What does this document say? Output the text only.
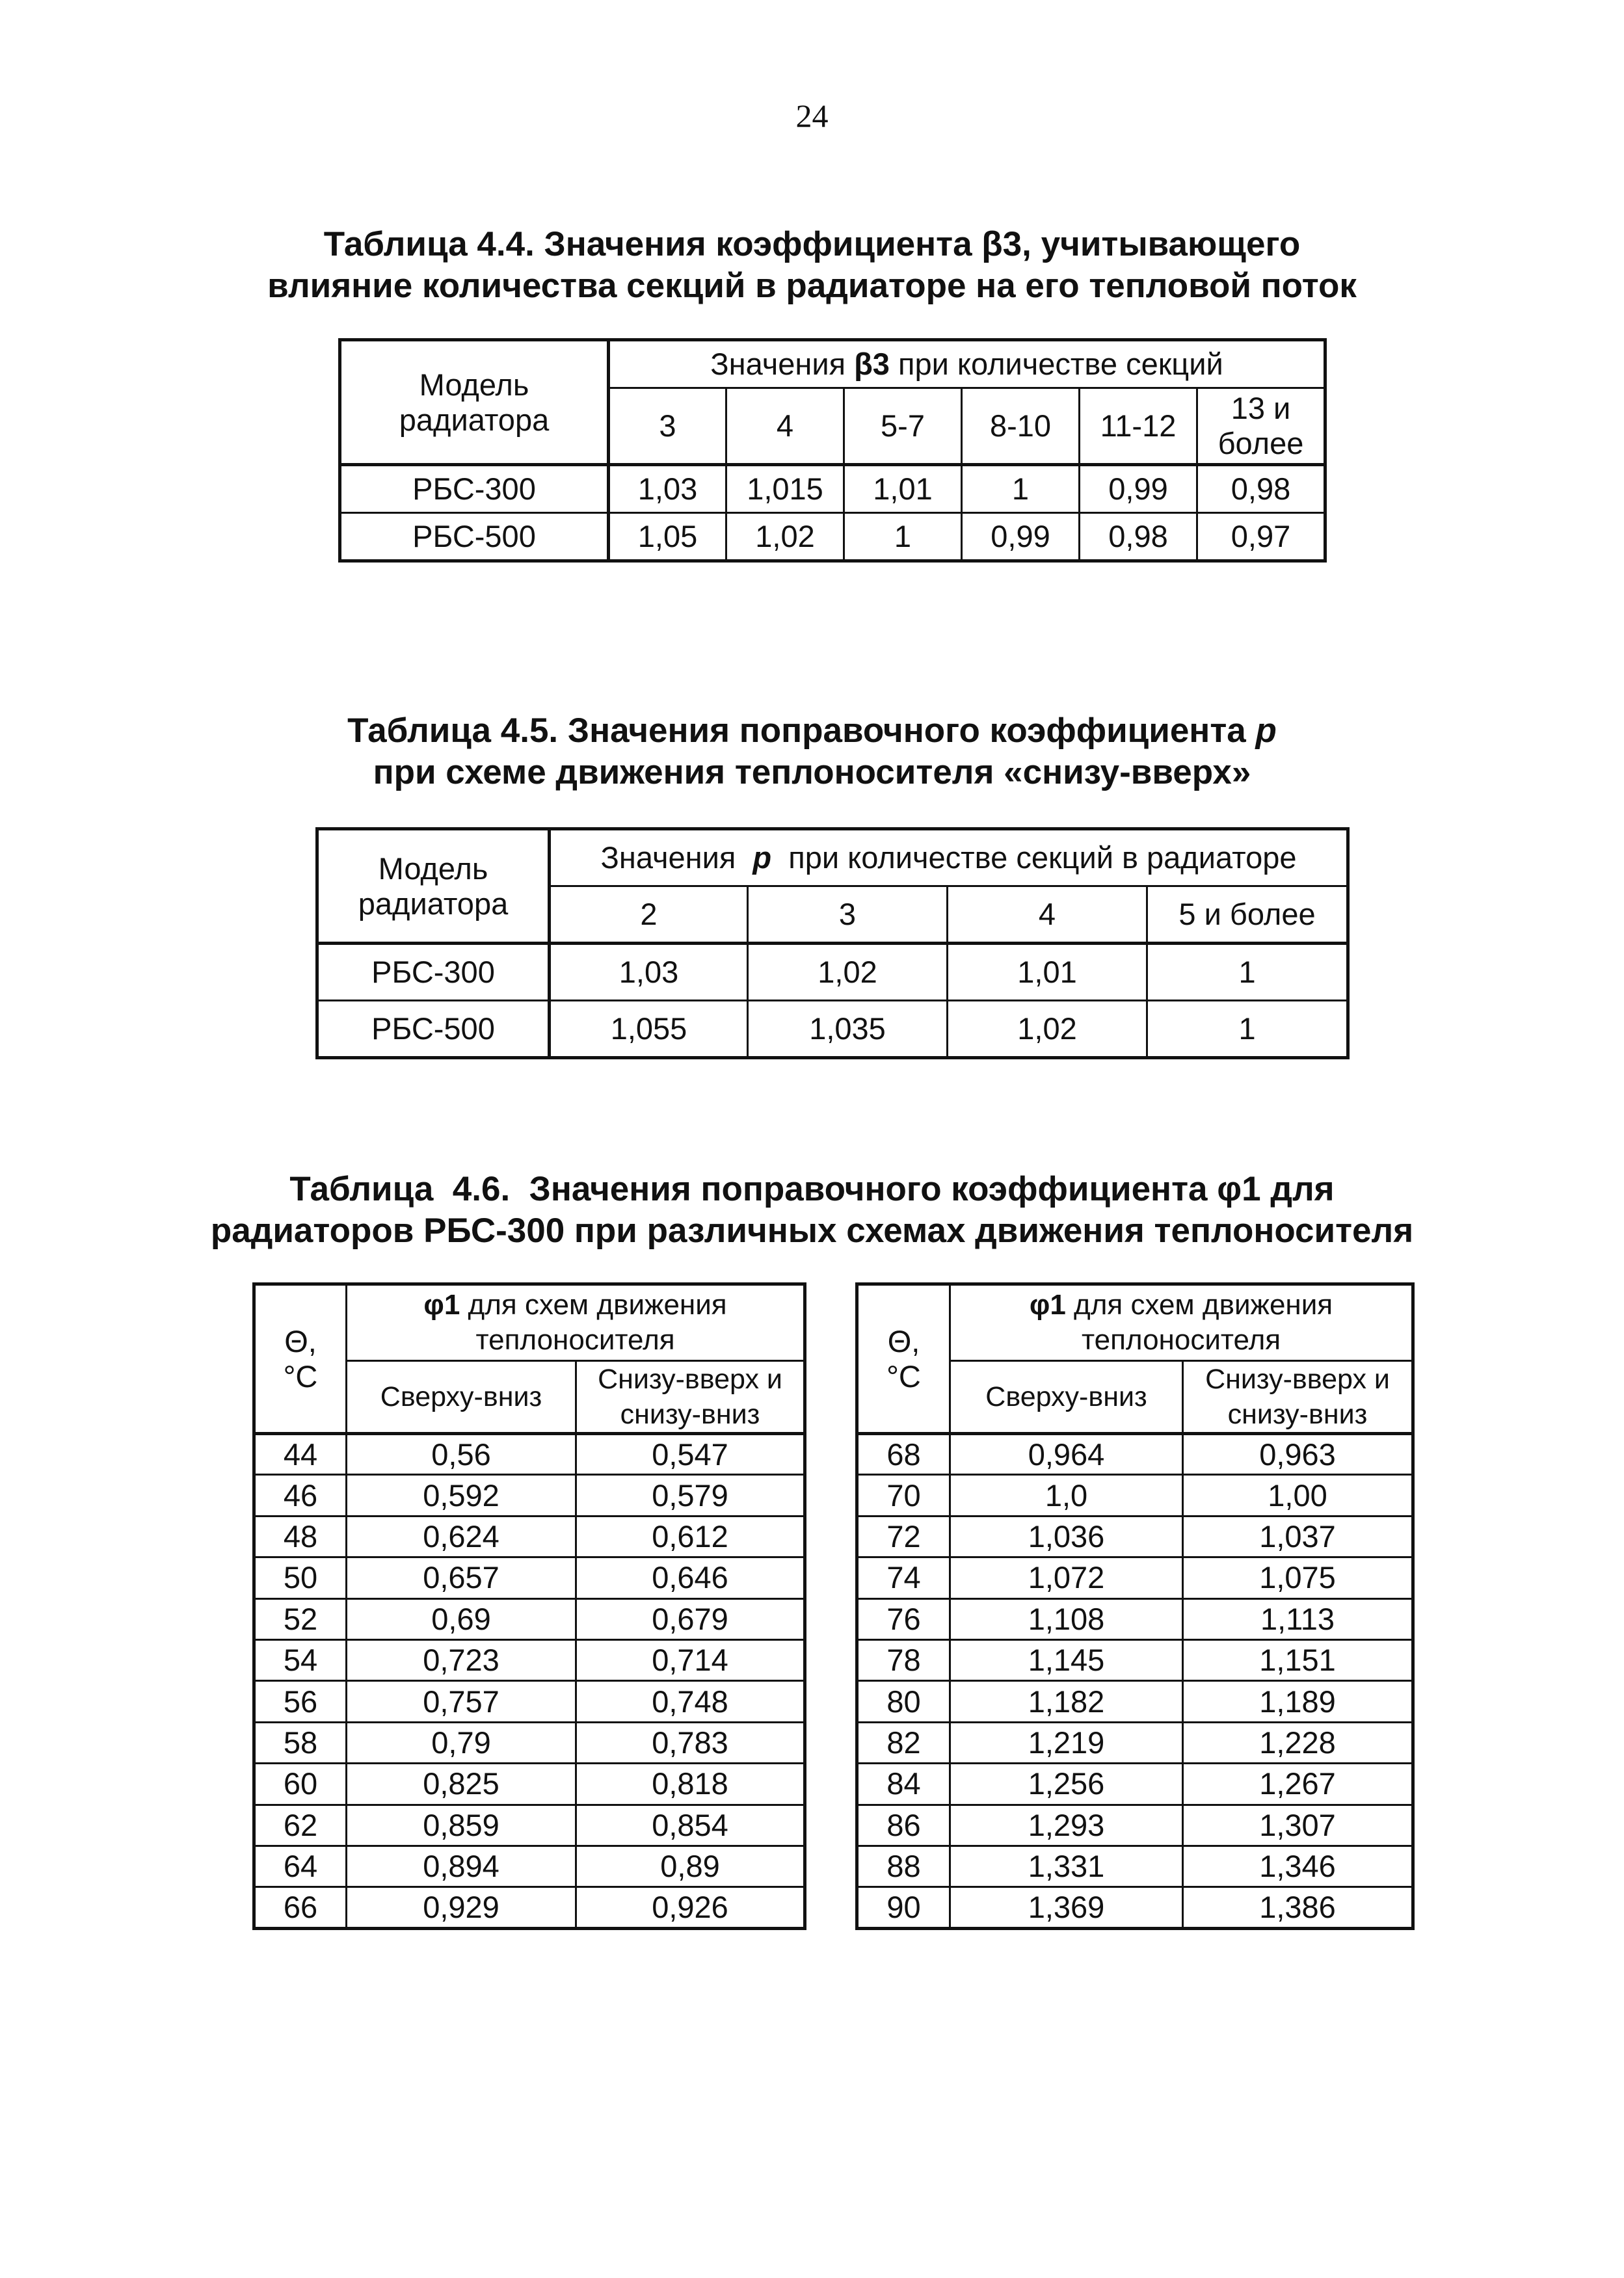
24
Таблица 4.4. Значения коэффициента β3, учитывающего
влияние количества секций в радиаторе на его тепловой поток
Модель радиатора	Значения β3 при количестве секций					
	3	4	5-7	8-10	11-12	13 и более
РБС-300	1,03	1,015	1,01	1	0,99	0,98
РБС-500	1,05	1,02	1	0,99	0,98	0,97
Таблица 4.5. Значения поправочного коэффициента р
при схеме движения теплоносителя «снизу-вверх»
Модель радиатора	Значения р при количестве секций в радиаторе			
	2	3	4	5 и более
РБС-300	1,03	1,02	1,01	1
РБС-500	1,055	1,035	1,02	1
Таблица  4.6.  Значения поправочного коэффициента φ1 для
радиаторов РБС-300 при различных схемах движения теплоносителя
Θ,
°С	φ1 для схем движения теплоносителя	
	Сверху-вниз	Снизу-вверх и
снизу-вниз
44	0,56	0,547
46	0,592	0,579
48	0,624	0,612
50	0,657	0,646
52	0,69	0,679
54	0,723	0,714
56	0,757	0,748
58	0,79	0,783
60	0,825	0,818
62	0,859	0,854
64	0,894	0,89
66	0,929	0,926
Θ,
°С	φ1 для схем движения теплоносителя	
	Сверху-вниз	Снизу-вверх и
снизу-вниз
68	0,964	0,963
70	1,0	1,00
72	1,036	1,037
74	1,072	1,075
76	1,108	1,113
78	1,145	1,151
80	1,182	1,189
82	1,219	1,228
84	1,256	1,267
86	1,293	1,307
88	1,331	1,346
90	1,369	1,386
